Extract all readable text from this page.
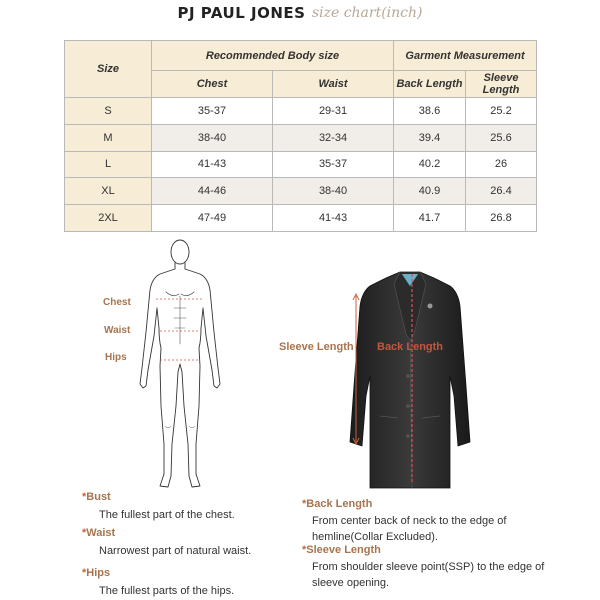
PJ PAUL JONES size chart(inch)
Size	Recommended Body size		Garment Measurement	
	Chest	Waist	Back Length	Sleeve Length
S	35-37	29-31	38.6	25.2
M	38-40	32-34	39.4	25.6
L	41-43	35-37	40.2	26
XL	44-46	38-40	40.9	26.4
2XL	47-49	41-43	41.7	26.8
Chest
Waist
Hips
Sleeve Length Back Length
*Bust
The fullest part of the chest.
*Waist
Narrowest part of natural waist.
*Hips
The fullest parts of the hips.
*Back Length
From center back of neck to the edge of hemline(Collar Excluded).
*Sleeve Length
From shoulder sleeve point(SSP) to the edge of sleeve opening.
